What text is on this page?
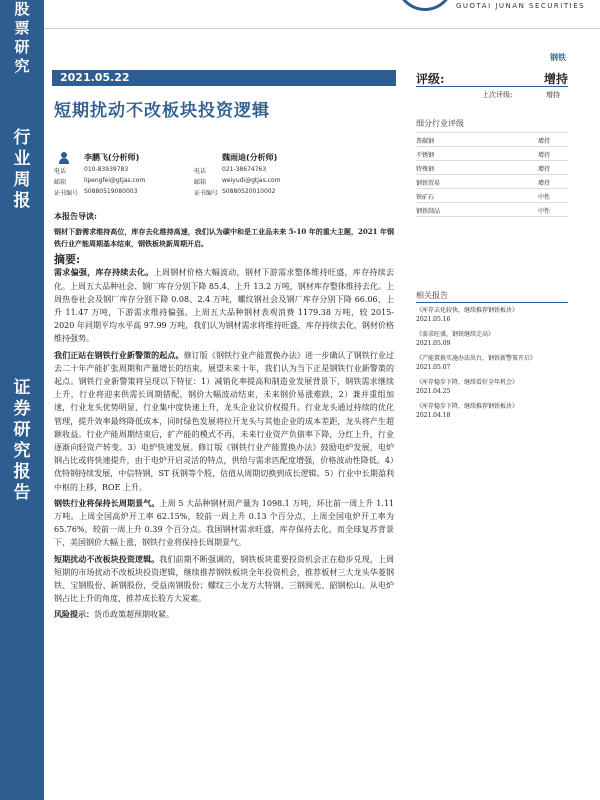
股
票
研
究
行
业
周
报
证
券
研
究
报
告
GUOTAI JUNAN SECURITIES
钢铁
2021.05.22
短期扰动不改板块投资逻辑
李鹏飞(分析师)	魏雨迪(分析师)
电话	010-83939783	电话	021-38674763
邮箱	lipengfei@gtjas.com	邮箱	weiyudi@gtjas.com
证书编号 S0880519080003	证书编号 S0880520010002
评级:	增持
上次评级:	增持
细分行业评级
普碳钢	增持
不锈钢	增持
特殊钢	增持
钢铁贸易	增持
铁矿石	中性
钢铁制品	中性
相关报告
《库存去化较快，继续推荐钢铁板块》
2021.05.16
《需求旺盛，钢铁继续走高》
2021.05.09
《产能置换实施办法出台，钢铁新警策开启》
2021.05.07
《库存稳步下降，继续看好全年机会》
2021.04.25
《库存稳步下降，继续推荐钢铁板块》
2021.04.18

本报告导读:

钢材下游需求维持高位，库存去化维持高速，我们认为碳中和是工业品未来 5-10 年的重大主题，2021 年钢铁行业产能周期基本结束，钢铁板块新周期开启。

摘要:

需求偏强，库存持续去化。上周钢材价格大幅波动，钢材下游需求整体维持旺盛，库存持续去化。上周五大品种社会、钢厂库存分别下降 85.4、上升 13.2 万吨，钢材库存整体维持去化。上周热卷社会及钢厂库存分别下降 0.08、2.4 万吨，螺纹钢社会及钢厂库存分别下降 66.06、上升 11.47 万吨，下游需求维持偏强。上周五大品种钢材表观消费 1179.38 万吨，较 2015-2020 年同期平均水平高 97.99 万吨，我们认为钢材需求将维持旺盛，库存持续去化，钢材价格维持强势。

我们正站在钢铁行业新警策的起点。修订版《钢铁行业产能置换办法》进一步确认了钢铁行业过去二十年产能扩张周期和产量增长的结束，展望未来十年，我们认为当下正是钢铁行业新警策的起点。钢铁行业新警策将呈现以下特征：1）减销化率提高和制造业发展背景下，钢铁需求继续上升，行业将迎来供需长周期错配，钢价大幅波动结束，未来钢价易涨难跌，2）兼并重组加速，行业龙头优势明显，行业集中度快速上升，龙头企业议价权提升。行业龙头通过持续的优化管理，提升效率最终降低成本，同时绿色发展将拉开龙头与其他企业的成本差距，龙头将产生超额收益。行业产能周期结束后，扩产能的模式不再，未来行业资产负债率下降，分红上升，行业逐渐向轻资产转变。3）电炉快速发展。修订版《钢铁行业产能置换办法》鼓励电炉发展，电炉钢占比或将快速提升，由于电炉开启灵活的特点，供给与需求匹配度增强，价格波动性降低。4）优特钢持续发展，中信特钢，ST 抚钢等个股，估值从周期切换到成长逻辑。5）行业中长期盈利中枢的上移，ROE 上升。

钢铁行业将保持长周期景气。上周 5 大品种钢材周产量为 1098.1 万吨，环比前一周上升 1.11 万吨。上周全国高炉开工率 62.15%，较前一周上升 0.13 个百分点，上周全国电炉开工率为 65.76%，较前一周上升 0.39 个百分点。我国钢材需求旺盛，库存保持去化，而全球复苏背景下，美国钢价大幅上涨，钢铁行业将保持长周期景气。

短期扰动不改板块投资逻辑。我们前期不断强调的，钢铁板块重要投资机会正在稳步兑现，上周短期的市场扰动不改板块投资逻辑，继续推荐钢铁板块全年投资机会，推荐板材三大龙头华菱钢铁、宝钢股份、新钢股份，受益南钢股份；螺纹三小龙方大特钢、三钢闽光、韶钢松山。从电炉钢占比上升的角度，推荐成长股方大炭素。

风险提示：货币政策超预期收紧。
